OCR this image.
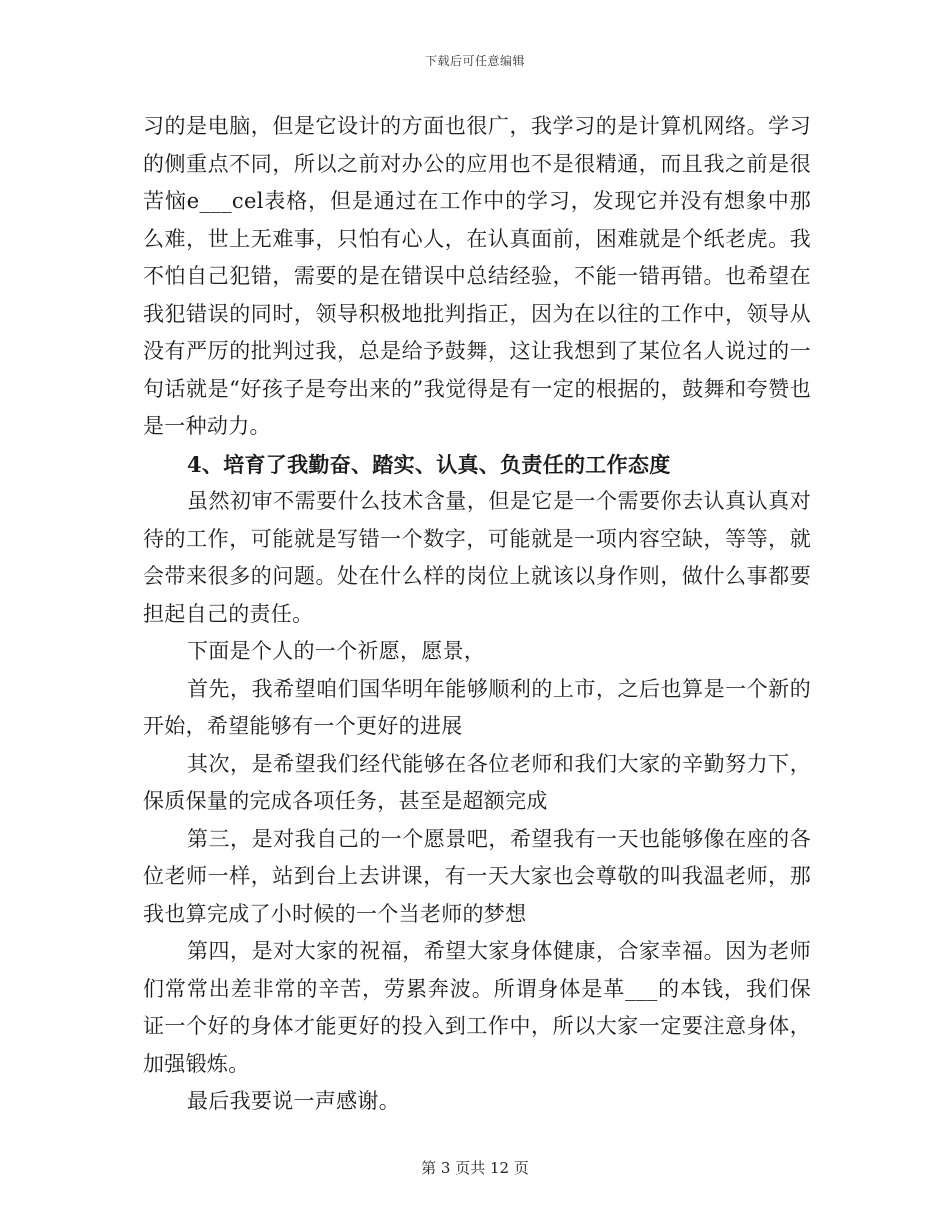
下载后可任意编辑

习的是电脑，但是它设计的方面也很广，我学习的是计算机网络。学习的侧重点不同，所以之前对办公的应用也不是很精通，而且我之前是很苦恼e___cel表格，但是通过在工作中的学习，发现它并没有想象中那么难，世上无难事，只怕有心人，在认真面前，困难就是个纸老虎。我不怕自己犯错，需要的是在错误中总结经验，不能一错再错。也希望在我犯错误的同时，领导积极地批判指正，因为在以往的工作中，领导从没有严厉的批判过我，总是给予鼓舞，这让我想到了某位名人说过的一句话就是“好孩子是夸出来的”我觉得是有一定的根据的，鼓舞和夸赞也是一种动力。

4、培育了我勤奋、踏实、认真、负责任的工作态度

虽然初审不需要什么技术含量，但是它是一个需要你去认真认真对待的工作，可能就是写错一个数字，可能就是一项内容空缺，等等，就会带来很多的问题。处在什么样的岗位上就该以身作则，做什么事都要担起自己的责任。

下面是个人的一个祈愿，愿景，

首先，我希望咱们国华明年能够顺利的上市，之后也算是一个新的开始，希望能够有一个更好的进展

其次，是希望我们经代能够在各位老师和我们大家的辛勤努力下，保质保量的完成各项任务，甚至是超额完成

第三，是对我自己的一个愿景吧，希望我有一天也能够像在座的各位老师一样，站到台上去讲课，有一天大家也会尊敬的叫我温老师，那我也算完成了小时候的一个当老师的梦想

第四，是对大家的祝福，希望大家身体健康，合家幸福。因为老师们常常出差非常的辛苦，劳累奔波。所谓身体是革___的本钱，我们保证一个好的身体才能更好的投入到工作中，所以大家一定要注意身体，加强锻炼。

最后我要说一声感谢。

第 3 页共 12 页
